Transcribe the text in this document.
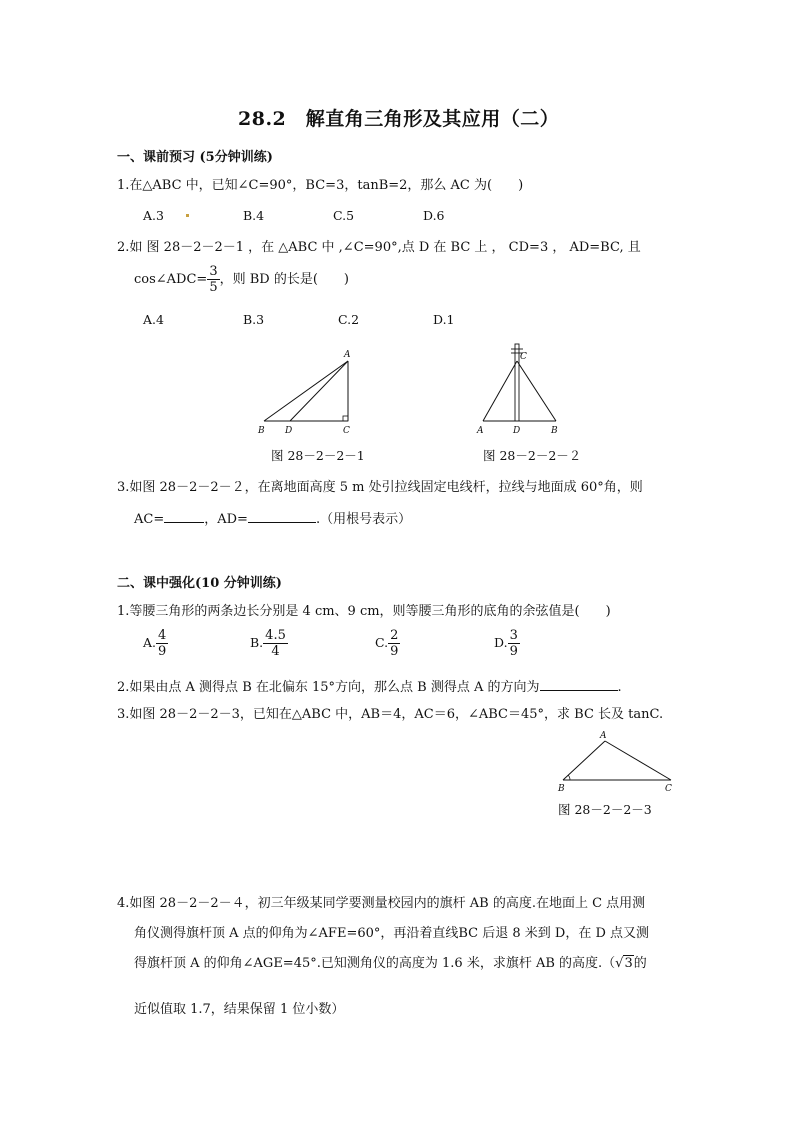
28.2　解直角三角形及其应用（二）
一、课前预习 (5分钟训练)
1.在△ABC 中，已知∠C=90°，BC=3，tanB=2，那么 AC 为(　　)
A.3	B.4	C.5	D.6
2.如 图 28－2－2－1 ，在 △ABC 中 ,∠C=90°,点 D 在 BC 上 ， CD=3 ， AD=BC, 且
cos∠ADC= $\frac{3}{5}$ ，则 BD 的长是(　　)
A.4	B.3	C.2	D.1
A
B D	C
图 28－2－2－1
C
A	D	B
图 28－2－2－２
3.如图 28－2－2－２，在离地面高度 5 m 处引拉线固定电线杆，拉线与地面成 60°角，则
AC=	，AD=	.（用根号表示）
二、课中强化(10 分钟训练)
1.等腰三角形的两条边长分别是 4 cm、9 cm，则等腰三角形的底角的余弦值是(　　)
A. $\frac{4}{9}$	B. $\frac{4.5}{4}$	C. $\frac{2}{9}$	D. $\frac{3}{9}$
2.如果由点 A 测得点 B 在北偏东 15°方向，那么点 B 测得点 A 的方向为	.
3.如图 28－2－2－3，已知在△ABC 中，AB＝4，AC＝6，∠ABC＝45°，求 BC 长及 tanC.
A
B	C
图 28－2－2－3
4.如图 28－2－2－４，初三年级某同学要测量校园内的旗杆 AB 的高度.在地面上 C 点用测
角仪测得旗杆顶 A 点的仰角为∠AFE=60°，再沿着直线BC 后退 8 米到 D，在 D 点又测
得旗杆顶 A 的仰角∠AGE=45°.已知测角仪的高度为 1.6 米，求旗杆 AB 的高度.（√3的
近似值取 1.7，结果保留 1 位小数）
